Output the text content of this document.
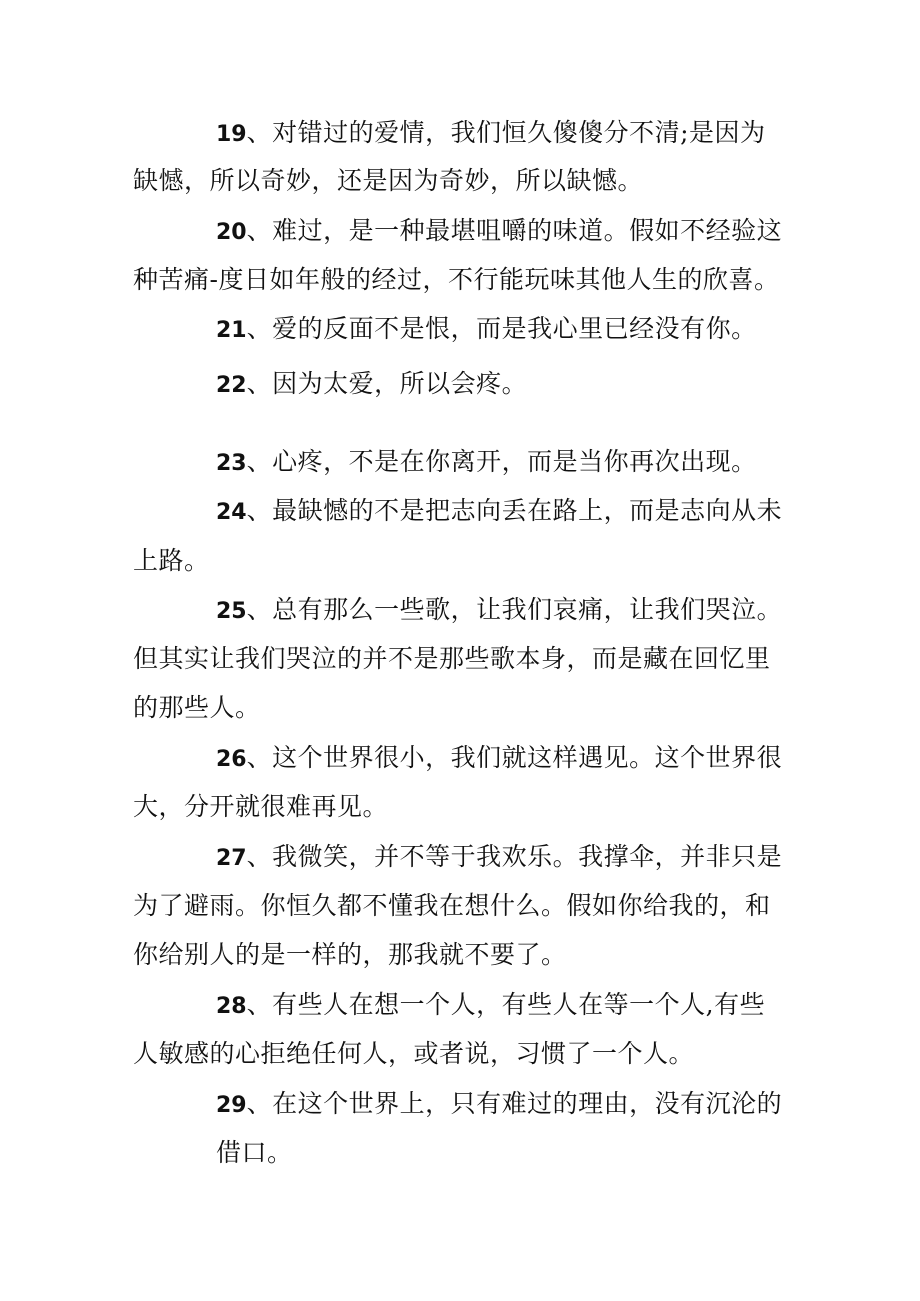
19、对错过的爱情，我们恒久傻傻分不清;是因为
缺憾，所以奇妙，还是因为奇妙，所以缺憾。
20、难过，是一种最堪咀嚼的味道。假如不经验这
种苦痛-度日如年般的经过，不行能玩味其他人生的欣喜。
21、爱的反面不是恨，而是我心里已经没有你。
22、因为太爱，所以会疼。
23、心疼，不是在你离开，而是当你再次出现。
24、最缺憾的不是把志向丢在路上，而是志向从未
上路。
25、总有那么一些歌，让我们哀痛，让我们哭泣。
但其实让我们哭泣的并不是那些歌本身，而是藏在回忆里
的那些人。
26、这个世界很小，我们就这样遇见。这个世界很
大，分开就很难再见。
27、我微笑，并不等于我欢乐。我撑伞，并非只是
为了避雨。你恒久都不懂我在想什么。假如你给我的，和
你给别人的是一样的，那我就不要了。
28、有些人在想一个人，有些人在等一个人,有些
人敏感的心拒绝任何人，或者说，习惯了一个人。
29、在这个世界上，只有难过的理由，没有沉沦的
借口。
